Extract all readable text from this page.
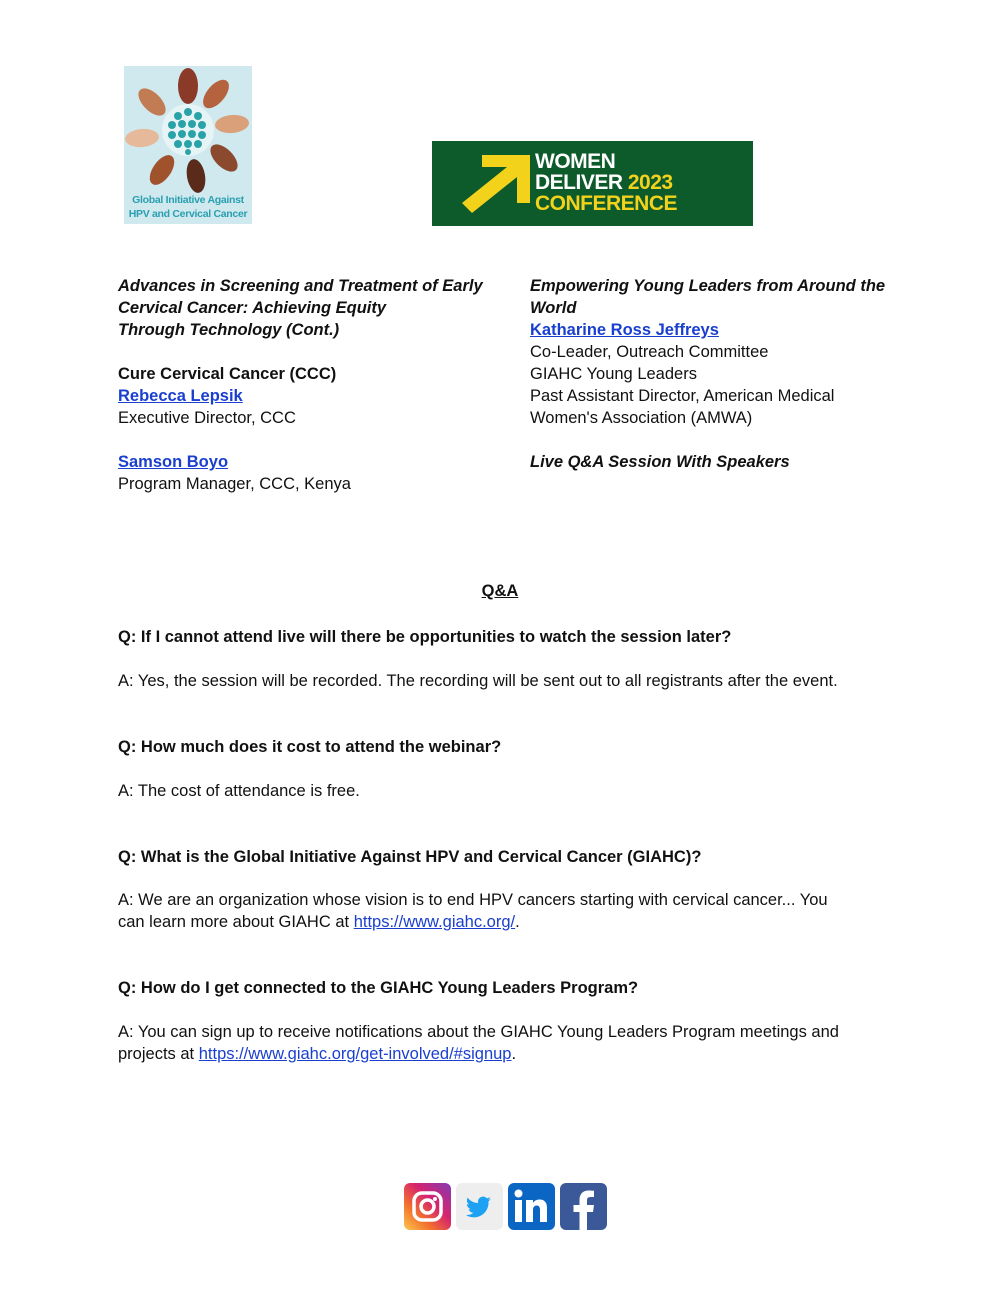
Global Initiative Against
HPV and Cervical Cancer
WOMEN
DELIVER 2023
CONFERENCE
Advances in Screening and Treatment of Early
Cervical Cancer: Achieving Equity
Through Technology (Cont.)
Cure Cervical Cancer (CCC)
Rebecca Lepsik
Executive Director, CCC
Samson Boyo
Program Manager, CCC, Kenya
Empowering Young Leaders from Around the
World
Katharine Ross Jeffreys
Co-Leader, Outreach Committee
GIAHC Young Leaders
Past Assistant Director, American Medical
Women's Association (AMWA)
Live Q&A Session With Speakers
Q&A
Q: If I cannot attend live will there be opportunities to watch the session later?
A: Yes, the session will be recorded. The recording will be sent out to all registrants after the event.
Q: How much does it cost to attend the webinar?
A: The cost of attendance is free.
Q: What is the Global Initiative Against HPV and Cervical Cancer (GIAHC)?
A: We are an organization whose vision is to end HPV cancers starting with cervical cancer... You can learn more about GIAHC at https://www.giahc.org/.
Q: How do I get connected to the GIAHC Young Leaders Program?
A: You can sign up to receive notifications about the GIAHC Young Leaders Program meetings and projects at https://www.giahc.org/get-involved/#signup.
